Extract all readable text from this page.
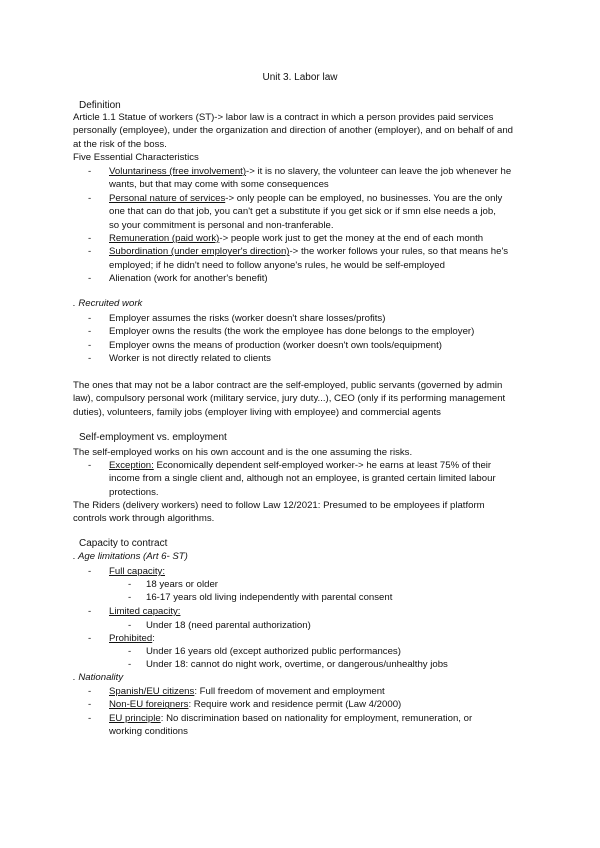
Unit 3. Labor law
Definition
Article 1.1 Statue of workers (ST)-> labor law is a contract in which a person provides paid services
personally (employee), under the organization and direction of another (employer), and on behalf of and
at the risk of the boss.
Five Essential Characteristics
- Voluntariness (free involvement)-> it is no slavery, the volunteer can leave the job whenever he
wants, but that may come with some consequences
- Personal nature of services-> only people can be employed, no businesses. You are the only
one that can do that job, you can't get a substitute if you get sick or if smn else needs a job,
so your commitment is personal and non-tranferable.
- Remuneration (paid work)-> people work just to get the money at the end of each month
- Subordination (under employer's direction)-> the worker follows your rules, so that means he's
employed; if he didn't need to follow anyone's rules, he would be self-employed
- Alienation (work for another's benefit)
. Recruited work
- Employer assumes the risks (worker doesn't share losses/profits)
- Employer owns the results (the work the employee has done belongs to the employer)
- Employer owns the means of production (worker doesn't own tools/equipment)
- Worker is not directly related to clients
The ones that may not be a labor contract are the self-employed, public servants (governed by admin
law), compulsory personal work (military service, jury duty...), CEO (only if its performing management
duties), volunteers, family jobs (employer living with employee) and commercial agents
Self-employment vs. employment
The self-employed works on his own account and is the one assuming the risks.
- Exception: Economically dependent self-employed worker-> he earns at least 75% of their
income from a single client and, although not an employee, is granted certain limited labour
protections.
The Riders (delivery workers) need to follow Law 12/2021: Presumed to be employees if platform
controls work through algorithms.
Capacity to contract
. Age limitations (Art 6- ST)
- Full capacity:
- 18 years or older
- 16-17 years old living independently with parental consent
- Limited capacity:
- Under 18 (need parental authorization)
- Prohibited:
- Under 16 years old (except authorized public performances)
- Under 18: cannot do night work, overtime, or dangerous/unhealthy jobs
. Nationality
- Spanish/EU citizens: Full freedom of movement and employment
- Non-EU foreigners: Require work and residence permit (Law 4/2000)
- EU principle: No discrimination based on nationality for employment, remuneration, or
working conditions
